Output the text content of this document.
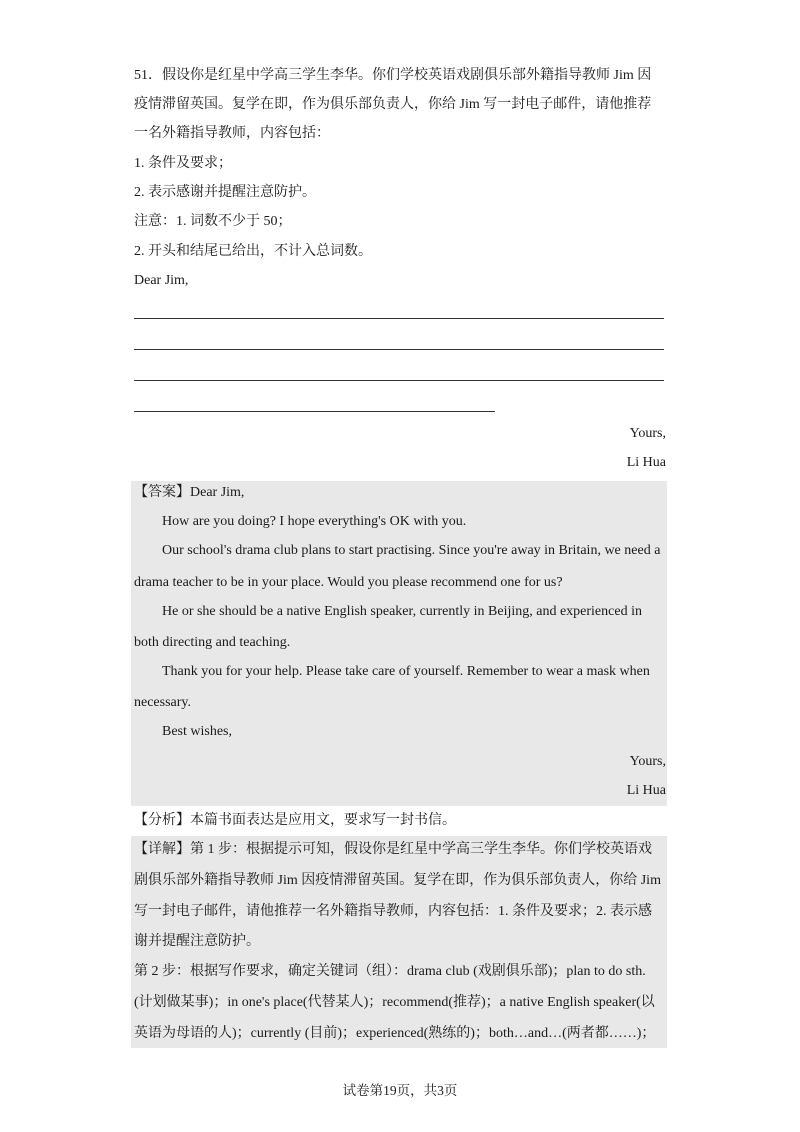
51．假设你是红星中学高三学生李华。你们学校英语戏剧俱乐部外籍指导教师 Jim 因
疫情滞留英国。复学在即，作为俱乐部负责人，你给 Jim 写一封电子邮件，请他推荐
一名外籍指导教师，内容包括：
1. 条件及要求；
2. 表示感谢并提醒注意防护。
注意：1. 词数不少于 50；
2. 开头和结尾已给出，不计入总词数。
Dear Jim,
Yours,
Li Hua
【答案】Dear Jim,
How are you doing? I hope everything's OK with you.
Our school's drama club plans to start practising. Since you're away in Britain, we need a
drama teacher to be in your place. Would you please recommend one for us?
He or she should be a native English speaker, currently in Beijing, and experienced in
both directing and teaching.
Thank you for your help. Please take care of yourself. Remember to wear a mask when
necessary.
Best wishes,
Yours,
Li Hua
【分析】本篇书面表达是应用文，要求写一封书信。
【详解】第 1 步：根据提示可知，假设你是红星中学高三学生李华。你们学校英语戏
剧俱乐部外籍指导教师 Jim 因疫情滞留英国。复学在即，作为俱乐部负责人，你给 Jim
写一封电子邮件，请他推荐一名外籍指导教师，内容包括：1. 条件及要求；2. 表示感
谢并提醒注意防护。
第 2 步：根据写作要求，确定关键词（组）：drama club (戏剧俱乐部)；plan to do sth.
(计划做某事)；in one's place(代替某人)；recommend(推荐)；a native English speaker(以
英语为母语的人)；currently (目前)；experienced(熟练的)；both…and…(两者都……)；
试卷第19页，共3页
